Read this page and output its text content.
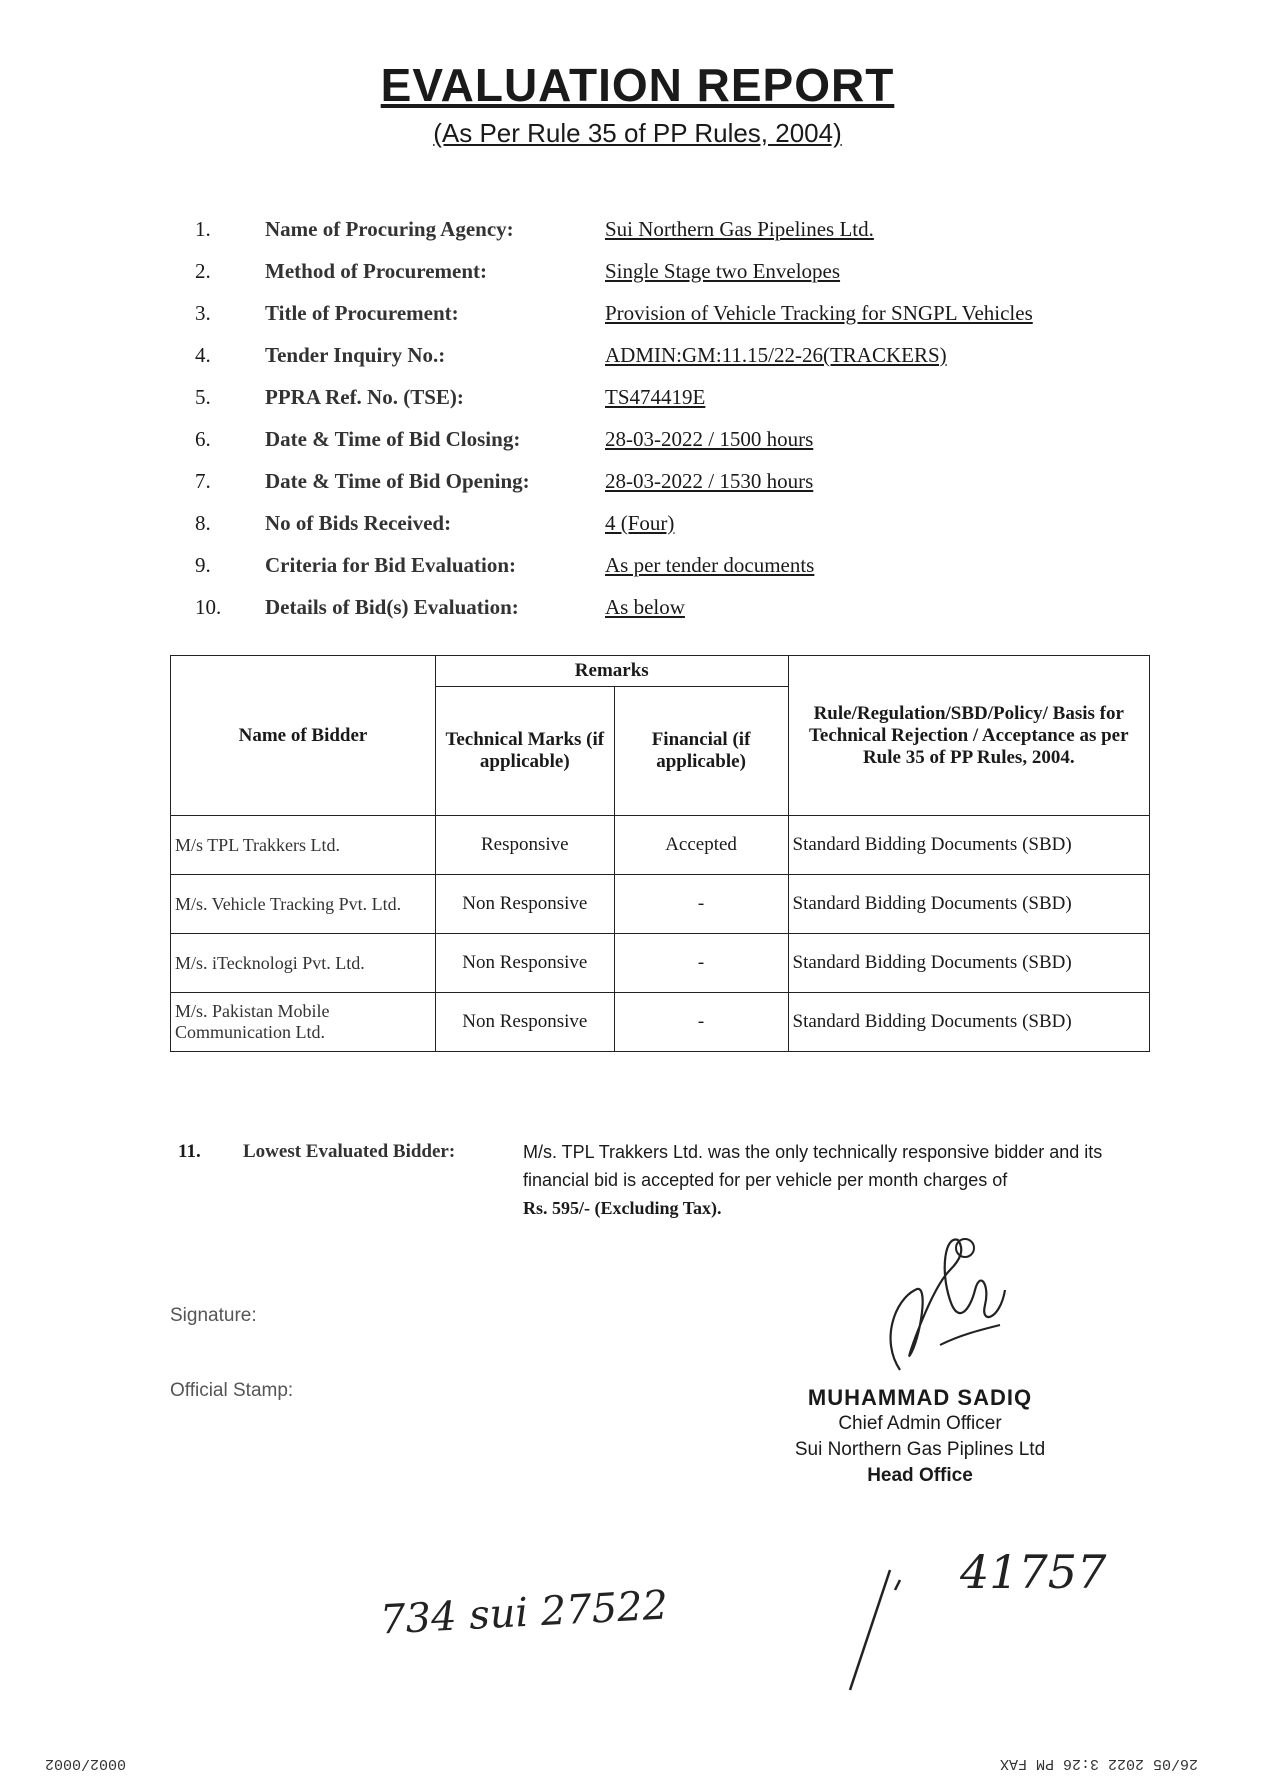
EVALUATION REPORT
(As Per Rule 35 of PP Rules, 2004)
1.	Name of Procuring Agency:	Sui Northern Gas Pipelines Ltd.
2.	Method of Procurement:	Single Stage two Envelopes
3.	Title of Procurement:	Provision of Vehicle Tracking for SNGPL Vehicles
4.	Tender Inquiry No.:	ADMIN:GM:11.15/22-26(TRACKERS)
5.	PPRA Ref. No. (TSE):	TS474419E
6.	Date & Time of Bid Closing:	28-03-2022 / 1500 hours
7.	Date & Time of Bid Opening:	28-03-2022 / 1530 hours
8.	No of Bids Received:	4 (Four)
9.	Criteria for Bid Evaluation:	As per tender documents
10.	Details of Bid(s) Evaluation:	As below
Name of Bidder	Remarks		Rule/Regulation/SBD/Policy/ Basis for Technical Rejection / Acceptance as per Rule 35 of PP Rules, 2004.
	Technical Marks (if applicable)	Financial (if applicable)	
M/s TPL Trakkers Ltd.	Responsive	Accepted	Standard Bidding Documents (SBD)
M/s. Vehicle Tracking Pvt. Ltd.	Non Responsive	-	Standard Bidding Documents (SBD)
M/s. iTecknologi Pvt. Ltd.	Non Responsive	-	Standard Bidding Documents (SBD)
M/s. Pakistan Mobile Communication Ltd.	Non Responsive	-	Standard Bidding Documents (SBD)
11. Lowest Evaluated Bidder:	M/s. TPL Trakkers Ltd. was the only technically responsive bidder and its financial bid is accepted for per vehicle per month charges of
Rs. 595/- (Excluding Tax).
Signature:
Official Stamp:	MUHAMMAD SADIQ
Chief Admin Officer
Sui Northern Gas Piplines Ltd
Head Office
734 sui 27522
41757
0002/0002	26/05 2022 3:26 PM FAX
